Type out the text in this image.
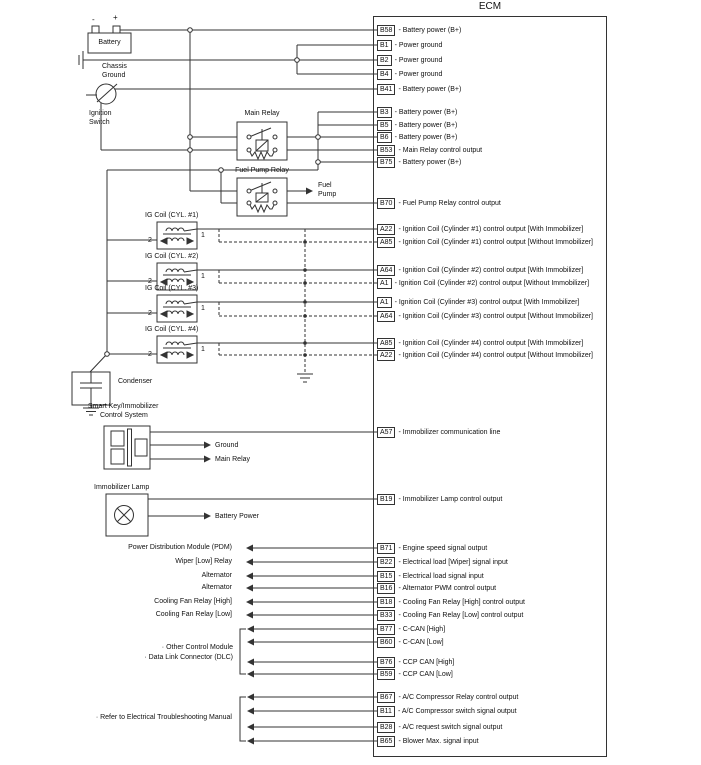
ECM
- +
Battery
Chassis
Ground
Ignition
Switch
Main Relay
Fuel Pump Relay
Fuel
Pump
IG Coil (CYL. #1)
IG Coil (CYL. #2)
IG Coil (CYL. #3)
IG Coil (CYL. #4)
2
2
2
2
1
1
1
1
Condenser
Smart Key/Immobilizer
Control System
Ground
Main Relay
Immobilizer Lamp
Battery Power
Power Distribution Module (PDM)
Wiper [Low] Relay
Alternator
Alternator
Cooling Fan Relay [High]
Cooling Fan Relay [Low]
· Other Control Module
· Data Link Connector (DLC)
· Refer to Electrical Troubleshooting Manual
B58 - Battery power (B+)
B1 - Power ground
B2 - Power ground
B4 - Power ground
B41 - Battery power (B+)
B3 - Battery power (B+)
B5 - Battery power (B+)
B6 - Battery power (B+)
B53 - Main Relay control output
B75 - Battery power (B+)
B70 - Fuel Pump Relay control output
A22 - Ignition Coil (Cylinder #1) control output [With Immobilizer]
A85 - Ignition Coil (Cylinder #1) control output [Without Immobilizer]
A64 - Ignition Coil (Cylinder #2) control output [With Immobilizer]
A1 - Ignition Coil (Cylinder #2) control output [Without Immobilizer]
A1 - Ignition Coil (Cylinder #3) control output [With Immobilizer]
A64 - Ignition Coil (Cylinder #3) control output [Without Immobilizer]
A85 - Ignition Coil (Cylinder #4) control output [With Immobilizer]
A22 - Ignition Coil (Cylinder #4) control output [Without Immobilizer]
A57 - Immobilizer communication line
B19 - Immobilizer Lamp control output
B71 - Engine speed signal output
B22 - Electrical load [Wiper] signal input
B15 - Electrical load signal input
B16 - Alternator PWM control output
B18 - Cooling Fan Relay [High] control output
B33 - Cooling Fan Relay [Low] control output
B77 - C-CAN [High]
B60 - C-CAN [Low]
B76 - CCP CAN [High]
B59 - CCP CAN [Low]
B67 - A/C Compressor Relay control output
B11 - A/C Compressor switch signal output
B28 - A/C request switch signal output
B65 - Blower Max. signal input
